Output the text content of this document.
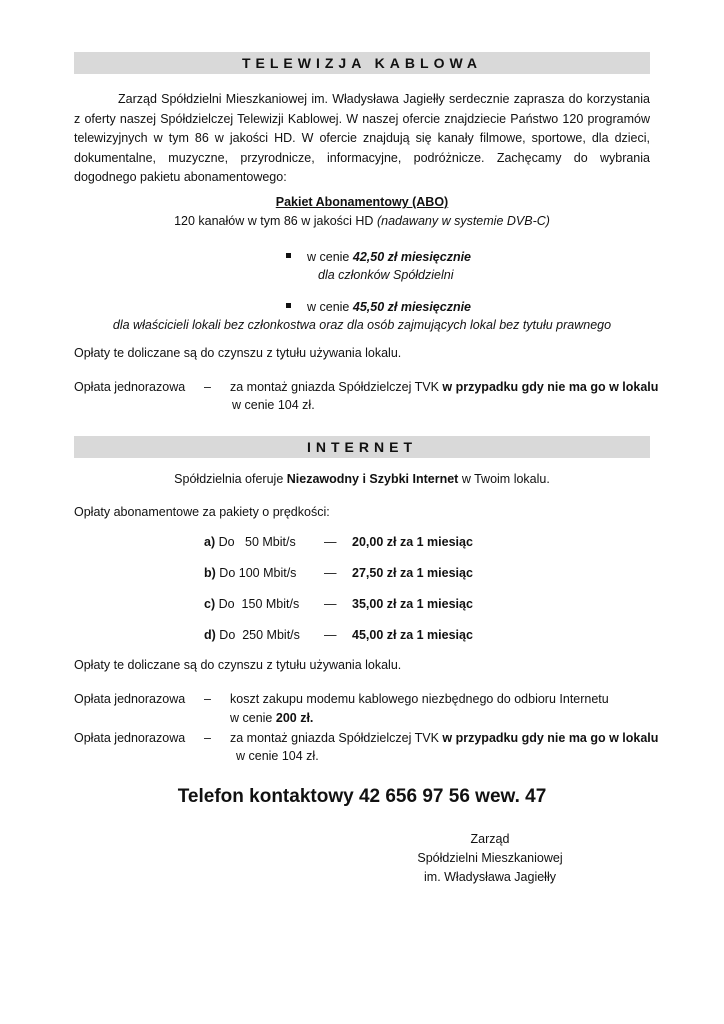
TELEWIZJA KABLOWA
Zarząd Spółdzielni Mieszkaniowej im. Władysława Jagiełły serdecznie zaprasza do korzystania z oferty naszej Spółdzielczej Telewizji Kablowej. W naszej ofercie znajdziecie Państwo 120 programów telewizyjnych w tym 86 w jakości HD. W ofercie znajdują się kanały filmowe, sportowe, dla dzieci, dokumentalne, muzyczne, przyrodnicze, informacyjne, podróżnicze. Zachęcamy do wybrania dogodnego pakietu abonamentowego:
Pakiet Abonamentowy (ABO)
120 kanałów w tym 86 w jakości HD (nadawany w systemie DVB-C)
w cenie 42,50 zł miesięcznie
dla członków Spółdzielni
w cenie 45,50 zł miesięcznie
dla właścicieli lokali bez członkostwa oraz dla osób zajmujących lokal bez tytułu prawnego
Opłaty te doliczane są do czynszu z tytułu używania lokalu.
Opłata jednorazowa – za montaż gniazda Spółdzielczej TVK w przypadku gdy nie ma go w lokalu
w cenie 104 zł.
INTERNET
Spółdzielnia oferuje Niezawodny i Szybki Internet w Twoim lokalu.
Opłaty abonamentowe za pakiety o prędkości:
a) Do   50 Mbit/s — 20,00 zł za 1 miesiąc
b) Do 100 Mbit/s — 27,50 zł za 1 miesiąc
c) Do  150 Mbit/s — 35,00 zł za 1 miesiąc
d) Do  250 Mbit/s — 45,00 zł za 1 miesiąc
Opłaty te doliczane są do czynszu z tytułu używania lokalu.
Opłata jednorazowa – koszt zakupu modemu kablowego niezbędnego do odbioru Internetu
w cenie 200 zł.
Opłata jednorazowa – za montaż gniazda Spółdzielczej TVK w przypadku gdy nie ma go w lokalu
w cenie 104 zł.
Telefon kontaktowy 42 656 97 56 wew. 47
Zarząd
Spółdzielni Mieszkaniowej
im. Władysława Jagiełły
